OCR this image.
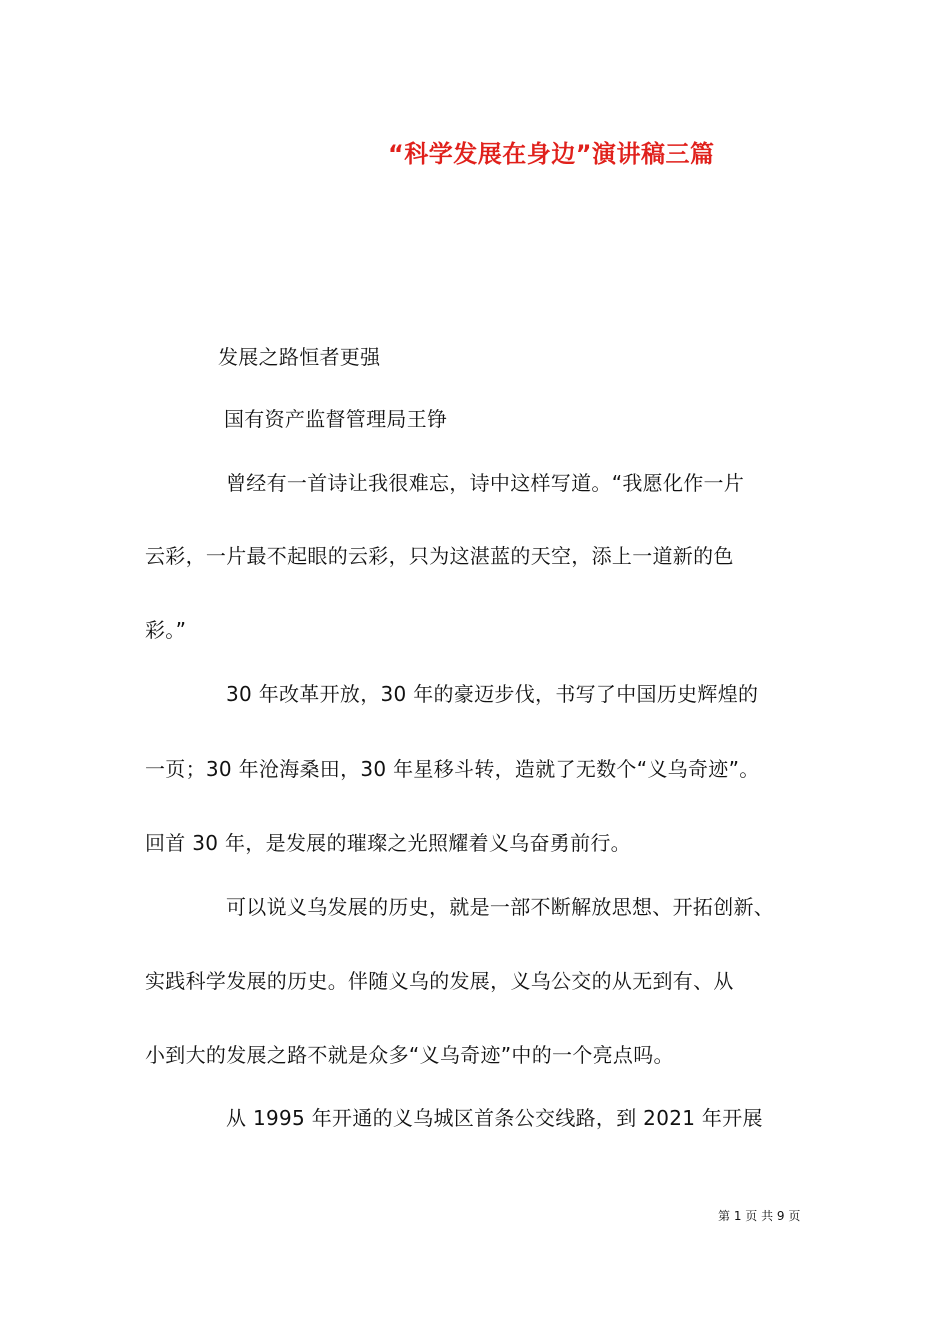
“科学发展在身边”演讲稿三篇
发展之路恒者更强
国有资产监督管理局王铮
曾经有一首诗让我很难忘，诗中这样写道。“我愿化作一片
云彩，一片最不起眼的云彩，只为这湛蓝的天空，添上一道新的色
彩。”
30 年改革开放，30 年的豪迈步伐，书写了中国历史辉煌的
一页；30 年沧海桑田，30 年星移斗转，造就了无数个“义乌奇迹”。
回首 30 年，是发展的璀璨之光照耀着义乌奋勇前行。
可以说义乌发展的历史，就是一部不断解放思想、开拓创新、
实践科学发展的历史。伴随义乌的发展，义乌公交的从无到有、从
小到大的发展之路不就是众多“义乌奇迹”中的一个亮点吗。
从 1995 年开通的义乌城区首条公交线路，到 2021 年开展
第 1 页 共 9 页
